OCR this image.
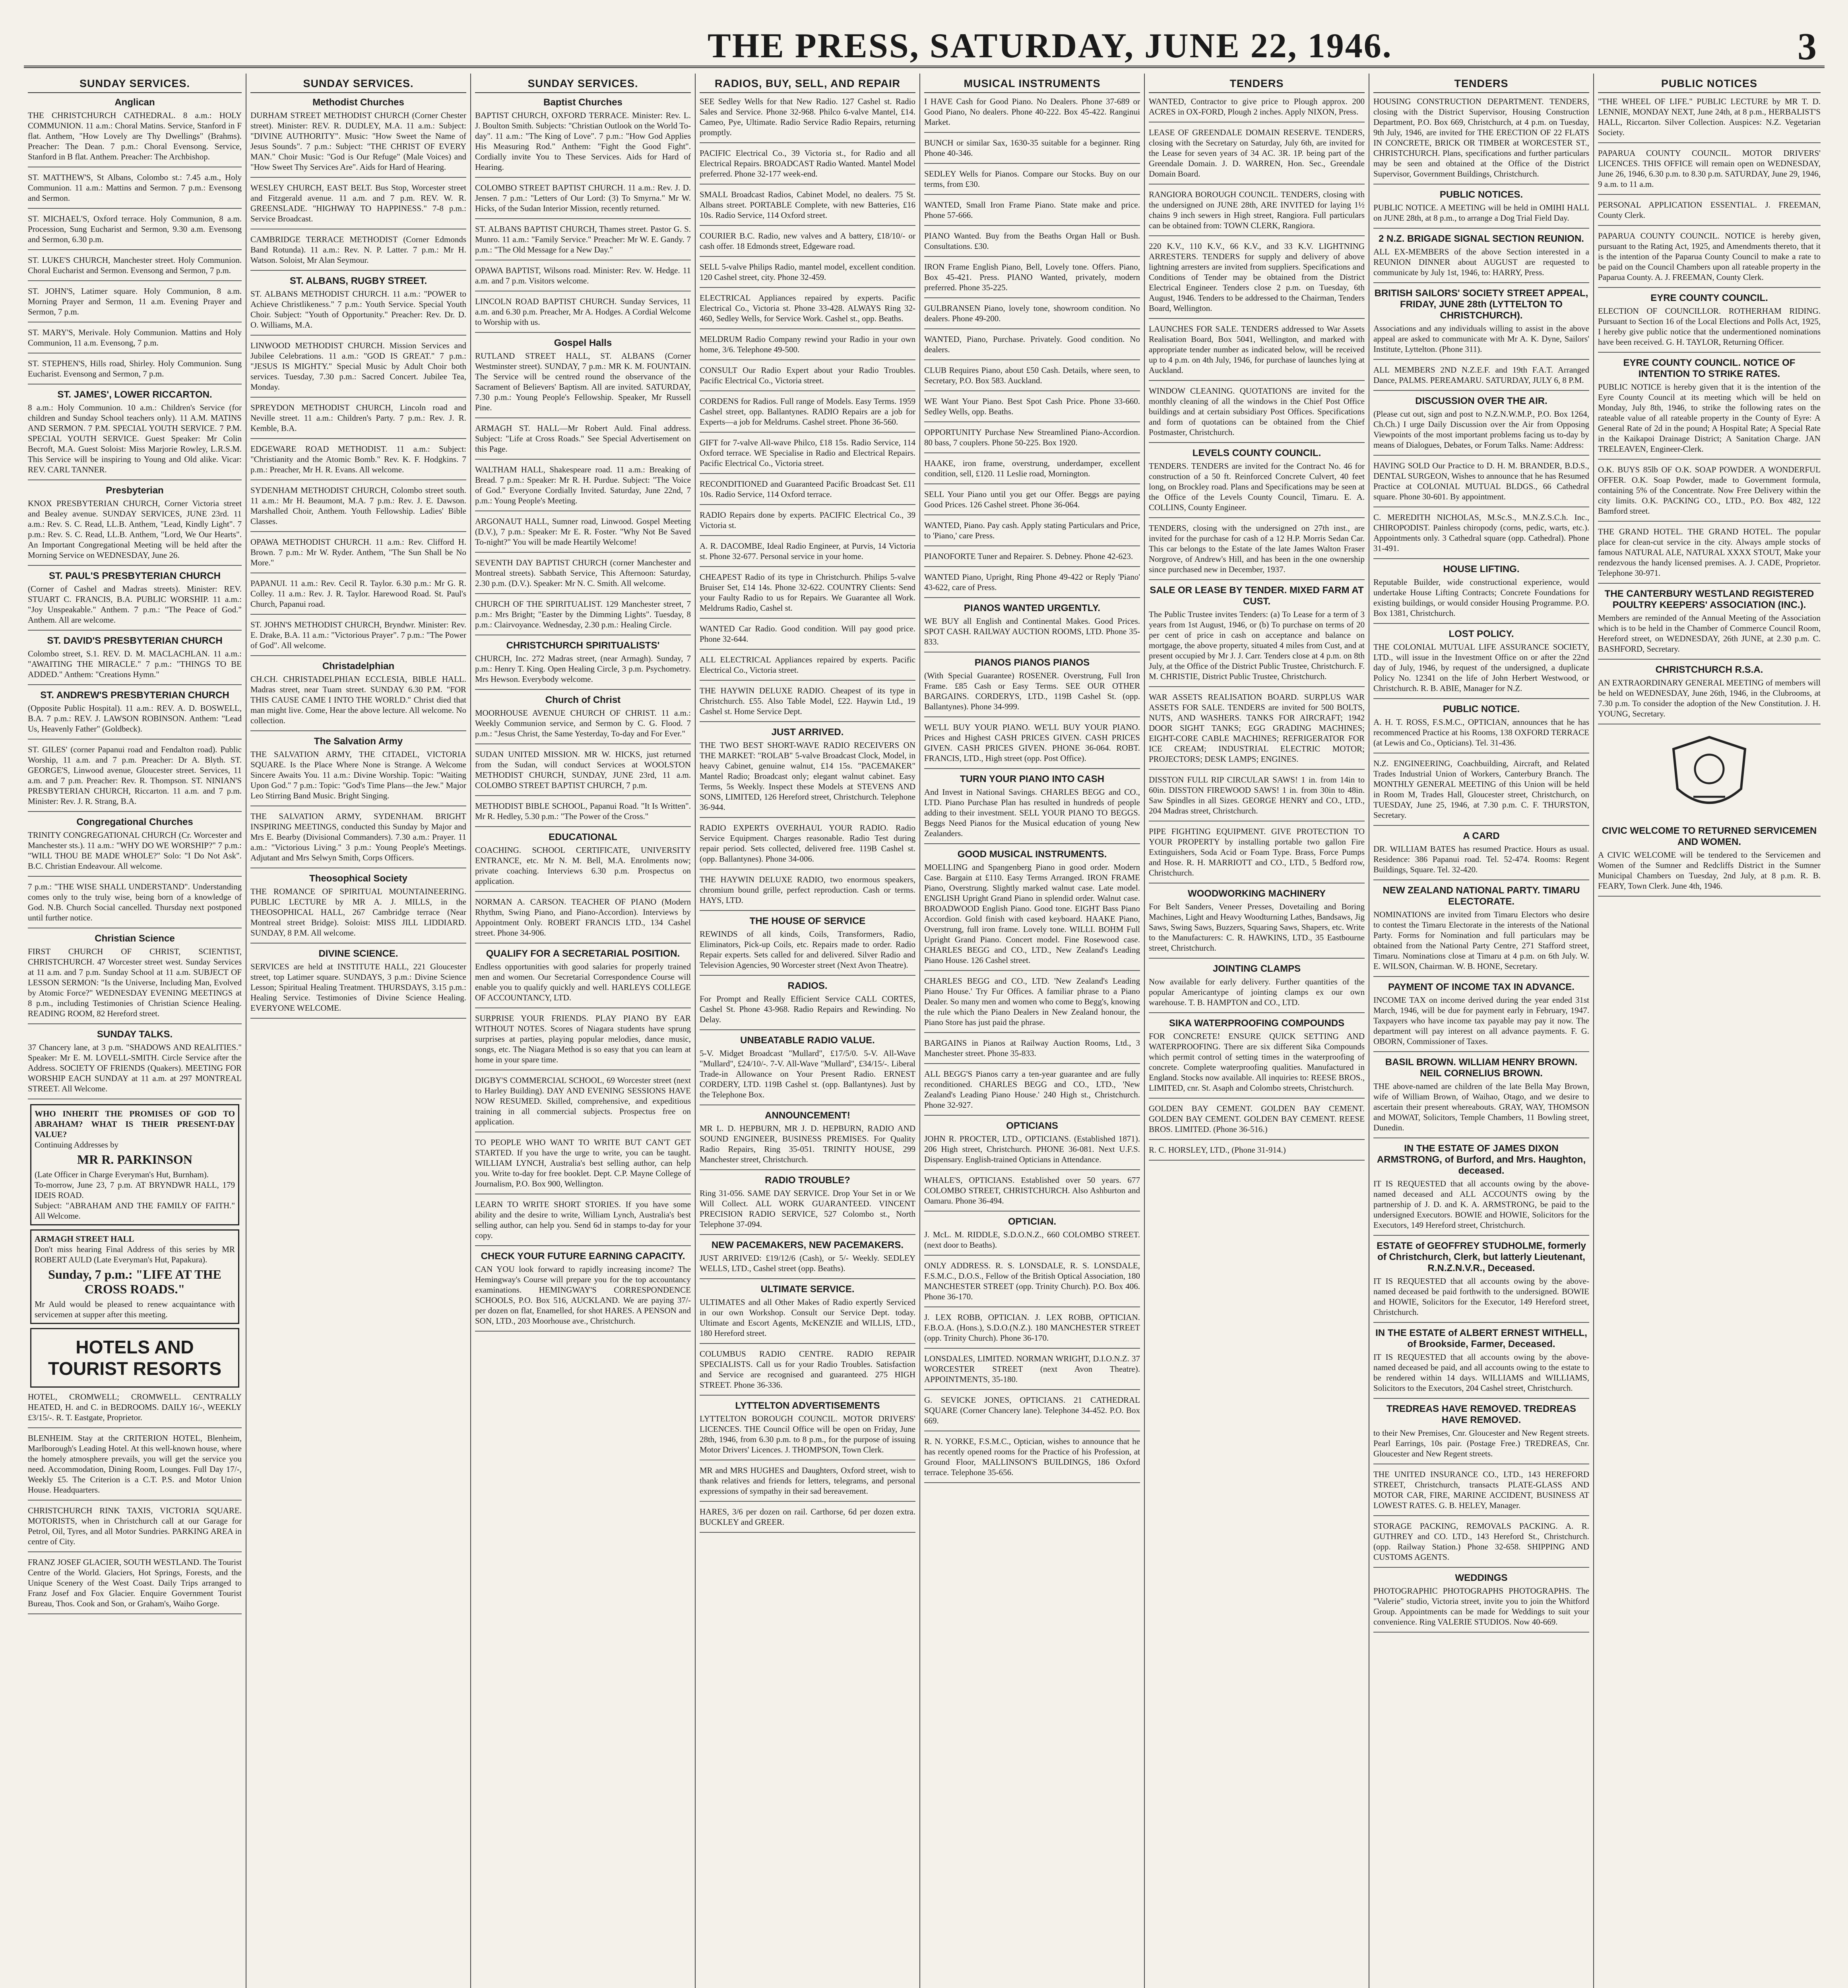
THE PRESS, SATURDAY, JUNE 22, 1946.	3
SUNDAY SERVICES.
Anglican

THE CHRISTCHURCH CATHEDRAL. 8 a.m.: HOLY COMMUNION. 11 a.m.: Choral Matins. Service, Stanford in F flat. Anthem, "How Lovely are Thy Dwellings" (Brahms). Preacher: The Dean. 7 p.m.: Choral Evensong. Service, Stanford in B flat. Anthem. Preacher: The Archbishop.

ST. MATTHEW'S, St Albans, Colombo st.: 7.45 a.m., Holy Communion. 11 a.m.: Mattins and Sermon. 7 p.m.: Evensong and Sermon.

ST. MICHAEL'S, Oxford terrace. Holy Communion, 8 a.m. Procession, Sung Eucharist and Sermon, 9.30 a.m. Evensong and Sermon, 6.30 p.m.

ST. LUKE'S CHURCH, Manchester street. Holy Communion. Choral Eucharist and Sermon. Evensong and Sermon, 7 p.m.

ST. JOHN'S, Latimer square. Holy Communion, 8 a.m. Morning Prayer and Sermon, 11 a.m. Evening Prayer and Sermon, 7 p.m.

ST. MARY'S, Merivale. Holy Communion. Mattins and Holy Communion, 11 a.m. Evensong, 7 p.m.

ST. STEPHEN'S, Hills road, Shirley. Holy Communion. Sung Eucharist. Evensong and Sermon, 7 p.m.

ST. JAMES', LOWER RICCARTON.

8 a.m.: Holy Communion. 10 a.m.: Children's Service (for children and Sunday School teachers only). 11 A.M. MATINS AND SERMON. 7 P.M. SPECIAL YOUTH SERVICE. 7 P.M. SPECIAL YOUTH SERVICE. Guest Speaker: Mr Colin Becroft, M.A. Guest Soloist: Miss Marjorie Rowley, L.R.S.M. This Service will be inspiring to Young and Old alike. Vicar: REV. CARL TANNER.

Presbyterian

KNOX PRESBYTERIAN CHURCH, Corner Victoria street and Bealey avenue. SUNDAY SERVICES, JUNE 23rd. 11 a.m.: Rev. S. C. Read, LL.B. Anthem, "Lead, Kindly Light". 7 p.m.: Rev. S. C. Read, LL.B. Anthem, "Lord, We Our Hearts". An Important Congregational Meeting will be held after the Morning Service on WEDNESDAY, June 26.

ST. PAUL'S PRESBYTERIAN CHURCH

(Corner of Cashel and Madras streets). Minister: REV. STUART C. FRANCIS, B.A. PUBLIC WORSHIP. 11 a.m.: "Joy Unspeakable." Anthem. 7 p.m.: "The Peace of God." Anthem. All are welcome.

ST. DAVID'S PRESBYTERIAN CHURCH

Colombo street, S.1. REV. D. M. MACLACHLAN. 11 a.m.: "AWAITING THE MIRACLE." 7 p.m.: "THINGS TO BE ADDED." Anthem: "Creations Hymn."

ST. ANDREW'S PRESBYTERIAN CHURCH

(Opposite Public Hospital). 11 a.m.: REV. A. D. BOSWELL, B.A. 7 p.m.: REV. J. LAWSON ROBINSON. Anthem: "Lead Us, Heavenly Father" (Goldbeck).

ST. GILES' (corner Papanui road and Fendalton road). Public Worship, 11 a.m. and 7 p.m. Preacher: Dr A. Blyth. ST. GEORGE'S, Linwood avenue, Gloucester street. Services, 11 a.m. and 7 p.m. Preacher: Rev. R. Thompson. ST. NINIAN'S PRESBYTERIAN CHURCH, Riccarton. 11 a.m. and 7 p.m. Minister: Rev. J. R. Strang, B.A.

Congregational Churches

TRINITY CONGREGATIONAL CHURCH (Cr. Worcester and Manchester sts.). 11 a.m.: "WHY DO WE WORSHIP?" 7 p.m.: "WILL THOU BE MADE WHOLE?" Solo: "I Do Not Ask". B.C. Christian Endeavour. All welcome.

7 p.m.: "THE WISE SHALL UNDERSTAND". Understanding comes only to the truly wise, being born of a knowledge of God. N.B. Church Social cancelled. Thursday next postponed until further notice.

Christian Science

FIRST CHURCH OF CHRIST, SCIENTIST, CHRISTCHURCH. 47 Worcester street west. Sunday Services at 11 a.m. and 7 p.m. Sunday School at 11 a.m. SUBJECT OF LESSON SERMON: "Is the Universe, Including Man, Evolved by Atomic Force?" WEDNESDAY EVENING MEETINGS at 8 p.m., including Testimonies of Christian Science Healing. READING ROOM, 82 Hereford street.

SUNDAY TALKS.

37 Chancery lane, at 3 p.m. "SHADOWS AND REALITIES." Speaker: Mr E. M. LOVELL-SMITH. Circle Service after the Address. SOCIETY OF FRIENDS (Quakers). MEETING FOR WORSHIP EACH SUNDAY at 11 a.m. at 297 MONTREAL STREET. All Welcome.

WHO INHERIT THE PROMISES OF GOD TO ABRAHAM? WHAT IS THEIR PRESENT-DAY VALUE?
Continuing Addresses by
MR R. PARKINSON
(Late Officer in Charge Everyman's Hut, Burnham).
To-morrow, June 23, 7 p.m. AT BRYNDWR HALL, 179 IDEIS ROAD.
Subject: "ABRAHAM AND THE FAMILY OF FAITH." All Welcome.
ARMAGH STREET HALL
Don't miss hearing Final Address of this series by MR ROBERT AULD (Late Everyman's Hut, Papakura).
Sunday, 7 p.m.: "LIFE AT THE CROSS ROADS."
Mr Auld would be pleased to renew acquaintance with servicemen at supper after this meeting.
HOTELS AND TOURIST RESORTS

HOTEL, CROMWELL; CROMWELL. CENTRALLY HEATED, H. and C. in BEDROOMS. DAILY 16/-, WEEKLY £3/15/-. R. T. Eastgate, Proprietor.

BLENHEIM. Stay at the CRITERION HOTEL, Blenheim, Marlborough's Leading Hotel. At this well-known house, where the homely atmosphere prevails, you will get the service you need. Accommodation, Dining Room, Lounges. Full Day 17/-, Weekly £5. The Criterion is a C.T. P.S. and Motor Union House. Headquarters.

CHRISTCHURCH RINK TAXIS, VICTORIA SQUARE. MOTORISTS, when in Christchurch call at our Garage for Petrol, Oil, Tyres, and all Motor Sundries. PARKING AREA in centre of City.

FRANZ JOSEF GLACIER, SOUTH WESTLAND. The Tourist Centre of the World. Glaciers, Hot Springs, Forests, and the Unique Scenery of the West Coast. Daily Trips arranged to Franz Josef and Fox Glacier. Enquire Government Tourist Bureau, Thos. Cook and Son, or Graham's, Waiho Gorge.

SUNDAY SERVICES.
Methodist Churches

DURHAM STREET METHODIST CHURCH (Corner Chester street). Minister: REV. R. DUDLEY, M.A. 11 a.m.: Subject: "DIVINE AUTHORITY". Music: "How Sweet the Name of Jesus Sounds". 7 p.m.: Subject: "THE CHRIST OF EVERY MAN." Choir Music: "God is Our Refuge" (Male Voices) and "How Sweet Thy Services Are". Aids for Hard of Hearing.

WESLEY CHURCH, EAST BELT. Bus Stop, Worcester street and Fitzgerald avenue. 11 a.m. and 7 p.m. REV. W. R. GREENSLADE. "HIGHWAY TO HAPPINESS." 7-8 p.m.: Service Broadcast.

CAMBRIDGE TERRACE METHODIST (Corner Edmonds Band Rotunda). 11 a.m.: Rev. N. P. Latter. 7 p.m.: Mr H. Watson. Soloist, Mr Alan Seymour.

ST. ALBANS, RUGBY STREET.

ST. ALBANS METHODIST CHURCH. 11 a.m.: "POWER to Achieve Christlikeness." 7 p.m.: Youth Service. Special Youth Choir. Subject: "Youth of Opportunity." Preacher: Rev. Dr. D. O. Williams, M.A.

LINWOOD METHODIST CHURCH. Mission Services and Jubilee Celebrations. 11 a.m.: "GOD IS GREAT." 7 p.m.: "JESUS IS MIGHTY." Special Music by Adult Choir both services. Tuesday, 7.30 p.m.: Sacred Concert. Jubilee Tea, Monday.

SPREYDON METHODIST CHURCH, Lincoln road and Neville street. 11 a.m.: Children's Party. 7 p.m.: Rev. J. R. Kemble, B.A.

EDGEWARE ROAD METHODIST. 11 a.m.: Subject: "Christianity and the Atomic Bomb." Rev. K. F. Hodgkins. 7 p.m.: Preacher, Mr H. R. Evans. All welcome.

SYDENHAM METHODIST CHURCH, Colombo street south. 11 a.m.: Mr H. Beaumont, M.A. 7 p.m.: Rev. J. E. Dawson. Marshalled Choir, Anthem. Youth Fellowship. Ladies' Bible Classes.

OPAWA METHODIST CHURCH. 11 a.m.: Rev. Clifford H. Brown. 7 p.m.: Mr W. Ryder. Anthem, "The Sun Shall be No More."

PAPANUI. 11 a.m.: Rev. Cecil R. Taylor. 6.30 p.m.: Mr G. R. Colley. 11 a.m.: Rev. J. R. Taylor. Harewood Road. St. Paul's Church, Papanui road.

ST. JOHN'S METHODIST CHURCH, Bryndwr. Minister: Rev. E. Drake, B.A. 11 a.m.: "Victorious Prayer". 7 p.m.: "The Power of God". All welcome.

Christadelphian

CH.CH. CHRISTADELPHIAN ECCLESIA, BIBLE HALL. Madras street, near Tuam street. SUNDAY 6.30 P.M. "FOR THIS CAUSE CAME I INTO THE WORLD." Christ died that man might live. Come, Hear the above lecture. All welcome. No collection.

The Salvation Army

THE SALVATION ARMY, THE CITADEL, VICTORIA SQUARE. Is the Place Where None is Strange. A Welcome Sincere Awaits You. 11 a.m.: Divine Worship. Topic: "Waiting Upon God." 7 p.m.: Topic: "God's Time Plans—the Jew." Major Leo Stirring Band Music. Bright Singing.

THE SALVATION ARMY, SYDENHAM. BRIGHT INSPIRING MEETINGS, conducted this Sunday by Major and Mrs E. Bearby (Divisional Commanders). 7.30 a.m.: Prayer. 11 a.m.: "Victorious Living." 3 p.m.: Young People's Meetings. Adjutant and Mrs Selwyn Smith, Corps Officers.

Theosophical Society

THE ROMANCE OF SPIRITUAL MOUNTAINEERING. PUBLIC LECTURE by MR A. J. MILLS, in the THEOSOPHICAL HALL, 267 Cambridge terrace (Near Montreal street Bridge). Soloist: MISS JILL LIDDIARD. SUNDAY, 8 P.M. All welcome.

DIVINE SCIENCE.

SERVICES are held at INSTITUTE HALL, 221 Gloucester street, top Latimer square. SUNDAYS, 3 p.m.: Divine Science Lesson; Spiritual Healing Treatment. THURSDAYS, 3.15 p.m.: Healing Service. Testimonies of Divine Science Healing. EVERYONE WELCOME.

SUNDAY SERVICES.
Baptist Churches

BAPTIST CHURCH, OXFORD TERRACE. Minister: Rev. L. J. Boulton Smith. Subjects: "Christian Outlook on the World To-day". 11 a.m.: "The King of Love". 7 p.m.: "How God Applies His Measuring Rod." Anthem: "Fight the Good Fight". Cordially invite You to These Services. Aids for Hard of Hearing.

COLOMBO STREET BAPTIST CHURCH. 11 a.m.: Rev. J. D. Jensen. 7 p.m.: "Letters of Our Lord: (3) To Smyrna." Mr W. Hicks, of the Sudan Interior Mission, recently returned.

ST. ALBANS BAPTIST CHURCH, Thames street. Pastor G. S. Munro. 11 a.m.: "Family Service." Preacher: Mr W. E. Gandy. 7 p.m.: "The Old Message for a New Day."

OPAWA BAPTIST, Wilsons road. Minister: Rev. W. Hedge. 11 a.m. and 7 p.m. Visitors welcome.

LINCOLN ROAD BAPTIST CHURCH. Sunday Services, 11 a.m. and 6.30 p.m. Preacher, Mr A. Hodges. A Cordial Welcome to Worship with us.

Gospel Halls

RUTLAND STREET HALL, ST. ALBANS (Corner Westminster street). SUNDAY, 7 p.m.: MR K. M. FOUNTAIN. The Service will be centred round the observance of the Sacrament of Believers' Baptism. All are invited. SATURDAY, 7.30 p.m.: Young People's Fellowship. Speaker, Mr Russell Pine.

ARMAGH ST. HALL—Mr Robert Auld. Final address. Subject: "Life at Cross Roads." See Special Advertisement on this Page.

WALTHAM HALL, Shakespeare road. 11 a.m.: Breaking of Bread. 7 p.m.: Speaker: Mr R. H. Purdue. Subject: "The Voice of God." Everyone Cordially Invited. Saturday, June 22nd, 7 p.m.: Young People's Meeting.

ARGONAUT HALL, Sumner road, Linwood. Gospel Meeting (D.V.), 7 p.m.: Speaker: Mr E. R. Foster. "Why Not Be Saved To-night?" You will be made Heartily Welcome!

SEVENTH DAY BAPTIST CHURCH (corner Manchester and Montreal streets). Sabbath Service, This Afternoon: Saturday, 2.30 p.m. (D.V.). Speaker: Mr N. C. Smith. All welcome.

CHURCH OF THE SPIRITUALIST. 129 Manchester street, 7 p.m.: Mrs Bright; "Easter by the Dimming Lights". Tuesday, 8 p.m.: Clairvoyance. Wednesday, 2.30 p.m.: Healing Circle.

CHRISTCHURCH SPIRITUALISTS'

CHURCH, Inc. 272 Madras street, (near Armagh). Sunday, 7 p.m.: Henry T. King. Open Healing Circle, 3 p.m. Psychometry. Mrs Hewson. Everybody welcome.

Church of Christ

MOORHOUSE AVENUE CHURCH OF CHRIST. 11 a.m.: Weekly Communion service, and Sermon by C. G. Flood. 7 p.m.: "Jesus Christ, the Same Yesterday, To-day and For Ever."

SUDAN UNITED MISSION. MR W. HICKS, just returned from the Sudan, will conduct Services at WOOLSTON METHODIST CHURCH, SUNDAY, JUNE 23rd, 11 a.m. COLOMBO STREET BAPTIST CHURCH, 7 p.m.

METHODIST BIBLE SCHOOL, Papanui Road. "It Is Written". Mr R. Hedley, 5.30 p.m.: "The Power of the Cross."

EDUCATIONAL

COACHING. SCHOOL CERTIFICATE, UNIVERSITY ENTRANCE, etc. Mr N. M. Bell, M.A. Enrolments now; private coaching. Interviews 6.30 p.m. Prospectus on application.

NORMAN A. CARSON. TEACHER OF PIANO (Modern Rhythm, Swing Piano, and Piano-Accordion). Interviews by Appointment Only. ROBERT FRANCIS LTD., 134 Cashel street. Phone 34-906.

QUALIFY FOR A SECRETARIAL POSITION.

Endless opportunities with good salaries for properly trained men and women. Our Secretarial Correspondence Course will enable you to qualify quickly and well. HARLEYS COLLEGE OF ACCOUNTANCY, LTD.

SURPRISE YOUR FRIENDS. PLAY PIANO BY EAR WITHOUT NOTES. Scores of Niagara students have sprung surprises at parties, playing popular melodies, dance music, songs, etc. The Niagara Method is so easy that you can learn at home in your spare time.

DIGBY'S COMMERCIAL SCHOOL, 69 Worcester street (next to Harley Building). DAY AND EVENING SESSIONS HAVE NOW RESUMED. Skilled, comprehensive, and expeditious training in all commercial subjects. Prospectus free on application.

TO PEOPLE WHO WANT TO WRITE BUT CAN'T GET STARTED. If you have the urge to write, you can be taught. WILLIAM LYNCH, Australia's best selling author, can help you. Write to-day for free booklet. Dept. C.P. Mayne College of Journalism, P.O. Box 900, Wellington.

LEARN TO WRITE SHORT STORIES. If you have some ability and the desire to write, William Lynch, Australia's best selling author, can help you. Send 6d in stamps to-day for your copy.

CHECK YOUR FUTURE EARNING CAPACITY.

CAN YOU look forward to rapidly increasing income? The Hemingway's Course will prepare you for the top accountancy examinations. HEMINGWAY'S CORRESPONDENCE SCHOOLS, P.O. Box 516, AUCKLAND. We are paying 37/- per dozen on flat, Enamelled, for shot HARES. A PENSON and SON, LTD., 203 Moorhouse ave., Christchurch.

RADIOS, BUY, SELL, AND REPAIR

SEE Sedley Wells for that New Radio. 127 Cashel st. Radio Sales and Service. Phone 32-968. Philco 6-valve Mantel, £14. Cameo, Pye, Ultimate. Radio Service Radio Repairs, returning promptly.

PACIFIC Electrical Co., 39 Victoria st., for Radio and all Electrical Repairs. BROADCAST Radio Wanted. Mantel Model preferred. Phone 32-177 week-end.

SMALL Broadcast Radios, Cabinet Model, no dealers. 75 St. Albans street. PORTABLE Complete, with new Batteries, £16 10s. Radio Service, 114 Oxford street.

COURIER B.C. Radio, new valves and A battery, £18/10/- or cash offer. 18 Edmonds street, Edgeware road.

SELL 5-valve Philips Radio, mantel model, excellent condition. 120 Cashel street, city. Phone 32-459.

ELECTRICAL Appliances repaired by experts. Pacific Electrical Co., Victoria st. Phone 33-428. ALWAYS Ring 32-460, Sedley Wells, for Service Work. Cashel st., opp. Beaths.

MELDRUM Radio Company rewind your Radio in your own home, 3/6. Telephone 49-500.

CONSULT Our Radio Expert about your Radio Troubles. Pacific Electrical Co., Victoria street.

CORDENS for Radios. Full range of Models. Easy Terms. 1959 Cashel street, opp. Ballantynes. RADIO Repairs are a job for Experts—a job for Meldrums. Cashel street. Phone 36-560.

GIFT for 7-valve All-wave Philco, £18 15s. Radio Service, 114 Oxford terrace. WE Specialise in Radio and Electrical Repairs. Pacific Electrical Co., Victoria street.

RECONDITIONED and Guaranteed Pacific Broadcast Set. £11 10s. Radio Service, 114 Oxford terrace.

RADIO Repairs done by experts. PACIFIC Electrical Co., 39 Victoria st.

A. R. DACOMBE, Ideal Radio Engineer, at Purvis, 14 Victoria st. Phone 32-677. Personal service in your home.

CHEAPEST Radio of its type in Christchurch. Philips 5-valve Bruiser Set, £14 14s. Phone 32-622. COUNTRY Clients: Send your Faulty Radio to us for Repairs. We Guarantee all Work. Meldrums Radio, Cashel st.

WANTED Car Radio. Good condition. Will pay good price. Phone 32-644.

ALL ELECTRICAL Appliances repaired by experts. Pacific Electrical Co., Victoria street.

THE HAYWIN DELUXE RADIO. Cheapest of its type in Christchurch. £55. Also Table Model, £22. Haywin Ltd., 19 Cashel st. Home Service Dept.

JUST ARRIVED.

THE TWO BEST SHORT-WAVE RADIO RECEIVERS ON THE MARKET: "ROLAB" 5-valve Broadcast Clock, Model, in heavy Cabinet, genuine walnut, £14 15s. "PACEMAKER" Mantel Radio; Broadcast only; elegant walnut cabinet. Easy Terms, 5s Weekly. Inspect these Models at STEVENS AND SONS, LIMITED, 126 Hereford street, Christchurch. Telephone 36-944.

RADIO EXPERTS OVERHAUL YOUR RADIO. Radio Service Equipment. Charges reasonable. Radio Test during repair period. Sets collected, delivered free. 119B Cashel st. (opp. Ballantynes). Phone 34-006.

THE HAYWIN DELUXE RADIO, two enormous speakers, chromium bound grille, perfect reproduction. Cash or terms. HAYS, LTD.

THE HOUSE OF SERVICE

REWINDS of all kinds, Coils, Transformers, Radio, Eliminators, Pick-up Coils, etc. Repairs made to order. Radio Repair experts. Sets called for and delivered. Silver Radio and Television Agencies, 90 Worcester street (Next Avon Theatre).

RADIOS.

For Prompt and Really Efficient Service CALL CORTES, Cashel St. Phone 43-968. Radio Repairs and Rewinding. No Delay.

UNBEATABLE RADIO VALUE.

5-V. Midget Broadcast "Mullard", £17/5/0. 5-V. All-Wave "Mullard", £24/10/-. 7-V. All-Wave "Mullard", £34/15/-. Liberal Trade-in Allowance on Your Present Radio. ERNEST CORDERY, LTD. 119B Cashel st. (opp. Ballantynes). Just by the Telephone Box.

ANNOUNCEMENT!

MR L. D. HEPBURN, MR J. D. HEPBURN, RADIO AND SOUND ENGINEER, BUSINESS PREMISES. For Quality Radio Repairs, Ring 35-051. TRINITY HOUSE, 299 Manchester street, Christchurch.

RADIO TROUBLE?

Ring 31-056. SAME DAY SERVICE. Drop Your Set in or We Will Collect. ALL WORK GUARANTEED. VINCENT PRECISION RADIO SERVICE, 527 Colombo st., North Telephone 37-094.

NEW PACEMAKERS, NEW PACEMAKERS.

JUST ARRIVED: £19/12/6 (Cash), or 5/- Weekly. SEDLEY WELLS, LTD., Cashel street (opp. Beaths).

ULTIMATE SERVICE.

ULTIMATES and all Other Makes of Radio expertly Serviced in our own Workshop. Consult our Service Dept. today. Ultimate and Escort Agents, McKENZIE and WILLIS, LTD., 180 Hereford street.

COLUMBUS RADIO CENTRE. RADIO REPAIR SPECIALISTS. Call us for your Radio Troubles. Satisfaction and Service are recognised and guaranteed. 275 HIGH STREET. Phone 36-336.

LYTTELTON ADVERTISEMENTS

LYTTELTON BOROUGH COUNCIL. MOTOR DRIVERS' LICENCES. THE Council Office will be open on Friday, June 28th, 1946, from 6.30 p.m. to 8 p.m., for the purpose of issuing Motor Drivers' Licences. J. THOMPSON, Town Clerk.

MR and MRS HUGHES and Daughters, Oxford street, wish to thank relatives and friends for letters, telegrams, and personal expressions of sympathy in their sad bereavement.

HARES, 3/6 per dozen on rail. Carthorse, 6d per dozen extra. BUCKLEY and GREER.

MUSICAL INSTRUMENTS

I HAVE Cash for Good Piano. No Dealers. Phone 37-689 or Good Piano, No dealers. Phone 40-222. Box 45-422. Ranginui Market.

BUNCH or similar Sax, 1630-35 suitable for a beginner. Ring Phone 40-346.

SEDLEY Wells for Pianos. Compare our Stocks. Buy on our terms, from £30.

WANTED, Small Iron Frame Piano. State make and price. Phone 57-666.

PIANO Wanted. Buy from the Beaths Organ Hall or Bush. Consultations. £30.

IRON Frame English Piano, Bell, Lovely tone. Offers. Piano, Box 45-421. Press. PIANO Wanted, privately, modern preferred. Phone 35-225.

GULBRANSEN Piano, lovely tone, showroom condition. No dealers. Phone 49-200.

WANTED, Piano, Purchase. Privately. Good condition. No dealers.

CLUB Requires Piano, about £50 Cash. Details, where seen, to Secretary, P.O. Box 583. Auckland.

WE Want Your Piano. Best Spot Cash Price. Phone 33-660. Sedley Wells, opp. Beaths.

OPPORTUNITY Purchase New Streamlined Piano-Accordion. 80 bass, 7 couplers. Phone 50-225. Box 1920.

HAAKE, iron frame, overstrung, underdamper, excellent condition, sell, £120. 11 Leslie road, Mornington.

SELL Your Piano until you get our Offer. Beggs are paying Good Prices. 126 Cashel street. Phone 36-064.

WANTED, Piano. Pay cash. Apply stating Particulars and Price, to 'Piano,' care Press.

PIANOFORTE Tuner and Repairer. S. Debney. Phone 42-623.

WANTED Piano, Upright, Ring Phone 49-422 or Reply 'Piano' 43-622, care of Press.

PIANOS WANTED URGENTLY.

WE BUY all English and Continental Makes. Good Prices. SPOT CASH. RAILWAY AUCTION ROOMS, LTD. Phone 35-833.

PIANOS PIANOS PIANOS

(With Special Guarantee) ROSENER. Overstrung, Full Iron Frame. £85 Cash or Easy Terms. SEE OUR OTHER BARGAINS. CORDERYS, LTD., 119B Cashel St. (opp. Ballantynes). Phone 34-999.

WE'LL BUY YOUR PIANO. WE'LL BUY YOUR PIANO. Prices and Highest CASH PRICES GIVEN. CASH PRICES GIVEN. CASH PRICES GIVEN. PHONE 36-064. ROBT. FRANCIS, LTD., High street (opp. Post Office).

TURN YOUR PIANO INTO CASH

And Invest in National Savings. CHARLES BEGG and CO., LTD. Piano Purchase Plan has resulted in hundreds of people adding to their investment. SELL YOUR PIANO TO BEGGS. Beggs Need Pianos for the Musical education of young New Zealanders.

GOOD MUSICAL INSTRUMENTS.

MOELLING and Spangenberg Piano in good order. Modern Case. Bargain at £110. Easy Terms Arranged. IRON FRAME Piano, Overstrung. Slightly marked walnut case. Late model. ENGLISH Upright Grand Piano in splendid order. Walnut case. BROADWOOD English Piano. Good tone. EIGHT Bass Piano Accordion. Gold finish with cased keyboard. HAAKE Piano, Overstrung, full iron frame. Lovely tone. WILLI. BOHM Full Upright Grand Piano. Concert model. Fine Rosewood case. CHARLES BEGG and CO., LTD., New Zealand's Leading Piano House. 126 Cashel street.

CHARLES BEGG and CO., LTD. 'New Zealand's Leading Piano House.' Try Fur Offices. A familiar phrase to a Piano Dealer. So many men and women who come to Begg's, knowing the rule which the Piano Dealers in New Zealand honour, the Piano Store has just paid the phrase.

BARGAINS in Pianos at Railway Auction Rooms, Ltd., 3 Manchester street. Phone 35-833.

ALL BEGG'S Pianos carry a ten-year guarantee and are fully reconditioned. CHARLES BEGG and CO., LTD., 'New Zealand's Leading Piano House.' 240 High st., Christchurch. Phone 32-927.

OPTICIANS

JOHN R. PROCTER, LTD., OPTICIANS. (Established 1871). 206 High street, Christchurch. PHONE 36-081. Next U.F.S. Dispensary. English-trained Opticians in Attendance.

WHALE'S, OPTICIANS. Established over 50 years. 677 COLOMBO STREET, CHRISTCHURCH. Also Ashburton and Oamaru. Phone 36-494.

OPTICIAN.

J. McL. M. RIDDLE, S.D.O.N.Z., 660 COLOMBO STREET. (next door to Beaths).

ONLY ADDRESS. R. S. LONSDALE, R. S. LONSDALE, F.S.M.C., D.O.S., Fellow of the British Optical Association, 180 MANCHESTER STREET (opp. Trinity Church). P.O. Box 406. Phone 36-170.

J. LEX ROBB, OPTICIAN. J. LEX ROBB, OPTICIAN. F.B.O.A. (Hons.), S.D.O.(N.Z.). 180 MANCHESTER STREET (opp. Trinity Church). Phone 36-170.

LONSDALES, LIMITED. NORMAN WRIGHT, D.I.O.N.Z. 37 WORCESTER STREET (next Avon Theatre). APPOINTMENTS, 35-180.

G. SEVICKE JONES, OPTICIANS. 21 CATHEDRAL SQUARE (Corner Chancery lane). Telephone 34-452. P.O. Box 669.

R. N. YORKE, F.S.M.C., Optician, wishes to announce that he has recently opened rooms for the Practice of his Profession, at Ground Floor, MALLINSON'S BUILDINGS, 186 Oxford terrace. Telephone 35-656.

TENDERS

WANTED, Contractor to give price to Plough approx. 200 ACRES in OX-FORD, Plough 2 inches. Apply NIXON, Press.

LEASE OF GREENDALE DOMAIN RESERVE. TENDERS, closing with the Secretary on Saturday, July 6th, are invited for the Lease for seven years of 34 AC. 3R. 1P. being part of the Greendale Domain. J. D. WARREN, Hon. Sec., Greendale Domain Board.

RANGIORA BOROUGH COUNCIL. TENDERS, closing with the undersigned on JUNE 28th, ARE INVITED for laying 1½ chains 9 inch sewers in High street, Rangiora. Full particulars can be obtained from: TOWN CLERK, Rangiora.

220 K.V., 110 K.V., 66 K.V., and 33 K.V. LIGHTNING ARRESTERS. TENDERS for supply and delivery of above lightning arresters are invited from suppliers. Specifications and Conditions of Tender may be obtained from the District Electrical Engineer. Tenders close 2 p.m. on Tuesday, 6th August, 1946. Tenders to be addressed to the Chairman, Tenders Board, Wellington.

LAUNCHES FOR SALE. TENDERS addressed to War Assets Realisation Board, Box 5041, Wellington, and marked with appropriate tender number as indicated below, will be received up to 4 p.m. on 4th July, 1946, for purchase of launches lying at Auckland.

WINDOW CLEANING. QUOTATIONS are invited for the monthly cleaning of all the windows in the Chief Post Office buildings and at certain subsidiary Post Offices. Specifications and form of quotations can be obtained from the Chief Postmaster, Christchurch.

LEVELS COUNTY COUNCIL.

TENDERS. TENDERS are invited for the Contract No. 46 for construction of a 50 ft. Reinforced Concrete Culvert, 40 feet long, on Brockley road. Plans and Specifications may be seen at the Office of the Levels County Council, Timaru. E. A. COLLINS, County Engineer.

TENDERS, closing with the undersigned on 27th inst., are invited for the purchase for cash of a 12 H.P. Morris Sedan Car. This car belongs to the Estate of the late James Walton Fraser Norgrove, of Andrew's Hill, and has been in the one ownership since purchased new in December, 1937.

SALE OR LEASE BY TENDER. MIXED FARM AT CUST.

The Public Trustee invites Tenders: (a) To Lease for a term of 3 years from 1st August, 1946, or (b) To purchase on terms of 20 per cent of price in cash on acceptance and balance on mortgage, the above property, situated 4 miles from Cust, and at present occupied by Mr J. J. Carr. Tenders close at 4 p.m. on 8th July, at the Office of the District Public Trustee, Christchurch. F. M. CHRISTIE, District Public Trustee, Christchurch.

WAR ASSETS REALISATION BOARD. SURPLUS WAR ASSETS FOR SALE. TENDERS are invited for 500 BOLTS, NUTS, AND WASHERS. TANKS FOR AIRCRAFT; 1942 DOOR SIGHT TANKS; EGG GRADING MACHINES; EIGHT-CORE CABLE MACHINES; REFRIGERATOR FOR ICE CREAM; INDUSTRIAL ELECTRIC MOTOR; PROJECTORS; DESK LAMPS; ENGINES.

DISSTON FULL RIP CIRCULAR SAWS! 1 in. from 14in to 60in. DISSTON FIREWOOD SAWS! 1 in. from 30in to 48in. Saw Spindles in all Sizes. GEORGE HENRY and CO., LTD., 204 Madras street, Christchurch.

PIPE FIGHTING EQUIPMENT. GIVE PROTECTION TO YOUR PROPERTY by installing portable two gallon Fire Extinguishers, Soda Acid or Foam Type. Brass, Force Pumps and Hose. R. H. MARRIOTT and CO., LTD., 5 Bedford row, Christchurch.

WOODWORKING MACHINERY

For Belt Sanders, Veneer Presses, Dovetailing and Boring Machines, Light and Heavy Woodturning Lathes, Bandsaws, Jig Saws, Swing Saws, Buzzers, Squaring Saws, Shapers, etc. Write to the Manufacturers: C. R. HAWKINS, LTD., 35 Eastbourne street, Christchurch.

JOINTING CLAMPS

Now available for early delivery. Further quantities of the popular Americantype of jointing clamps ex our own warehouse. T. B. HAMPTON and CO., LTD.

SIKA WATERPROOFING COMPOUNDS

FOR CONCRETE! ENSURE QUICK SETTING AND WATERPROOFING. There are six different Sika Compounds which permit control of setting times in the waterproofing of concrete. Complete waterproofing qualities. Manufactured in England. Stocks now available. All inquiries to: REESE BROS., LIMITED, cnr. St. Asaph and Colombo streets, Christchurch.

GOLDEN BAY CEMENT. GOLDEN BAY CEMENT. GOLDEN BAY CEMENT. GOLDEN BAY CEMENT. REESE BROS. LIMITED. (Phone 36-516.)

R. C. HORSLEY, LTD., (Phone 31-914.)

TENDERS

HOUSING CONSTRUCTION DEPARTMENT. TENDERS, closing with the District Supervisor, Housing Construction Department, P.O. Box 669, Christchurch, at 4 p.m. on Tuesday, 9th July, 1946, are invited for THE ERECTION OF 22 FLATS IN CONCRETE, BRICK OR TIMBER at WORCESTER ST., CHRISTCHURCH. Plans, specifications and further particulars may be seen and obtained at the Office of the District Supervisor, Government Buildings, Christchurch.

PUBLIC NOTICES.

PUBLIC NOTICE. A MEETING will be held in OMIHI HALL on JUNE 28th, at 8 p.m., to arrange a Dog Trial Field Day.

2 N.Z. BRIGADE SIGNAL SECTION REUNION.

ALL EX-MEMBERS of the above Section interested in a REUNION DINNER about AUGUST are requested to communicate by July 1st, 1946, to: HARRY, Press.

BRITISH SAILORS' SOCIETY STREET APPEAL, FRIDAY, JUNE 28th (LYTTELTON TO CHRISTCHURCH).

Associations and any individuals willing to assist in the above appeal are asked to communicate with Mr A. K. Dyne, Sailors' Institute, Lyttelton. (Phone 311).

ALL MEMBERS 2ND N.Z.E.F. and 19th F.A.T. Arranged Dance, PALMS. PEREAMARU. SATURDAY, JULY 6, 8 P.M.

DISCUSSION OVER THE AIR.

(Please cut out, sign and post to N.Z.N.W.M.P., P.O. Box 1264, Ch.Ch.) I urge Daily Discussion over the Air from Opposing Viewpoints of the most important problems facing us to-day by means of Dialogues, Debates, or Forum Talks. Name: Address:

HAVING SOLD Our Practice to D. H. M. BRANDER, B.D.S., DENTAL SURGEON, Wishes to announce that he has Resumed Practice at COLONIAL MUTUAL BLDGS., 66 Cathedral square. Phone 30-601. By appointment.

C. MEREDITH NICHOLAS, M.Sc.S., M.N.Z.S.C.h. Inc., CHIROPODIST. Painless chiropody (corns, pedic, warts, etc.). Appointments only. 3 Cathedral square (opp. Cathedral). Phone 31-491.

HOUSE LIFTING.

Reputable Builder, wide constructional experience, would undertake House Lifting Contracts; Concrete Foundations for existing buildings, or would consider Housing Programme. P.O. Box 1381, Christchurch.

LOST POLICY.

THE COLONIAL MUTUAL LIFE ASSURANCE SOCIETY, LTD., will issue in the Investment Office on or after the 22nd day of July, 1946, by request of the undersigned, a duplicate Policy No. 12341 on the life of John Herbert Westwood, or Christchurch. R. B. ABIE, Manager for N.Z.

PUBLIC NOTICE.

A. H. T. ROSS, F.S.M.C., OPTICIAN, announces that he has recommenced Practice at his Rooms, 138 OXFORD TERRACE (at Lewis and Co., Opticians). Tel. 31-436.

N.Z. ENGINEERING, Coachbuilding, Aircraft, and Related Trades Industrial Union of Workers, Canterbury Branch. The MONTHLY GENERAL MEETING of this Union will be held in Room M, Trades Hall, Gloucester street, Christchurch, on TUESDAY, June 25, 1946, at 7.30 p.m. C. F. THURSTON, Secretary.

A CARD

DR. WILLIAM BATES has resumed Practice. Hours as usual. Residence: 386 Papanui road. Tel. 52-474. Rooms: Regent Buildings, Square. Tel. 32-420.

NEW ZEALAND NATIONAL PARTY. TIMARU ELECTORATE.

NOMINATIONS are invited from Timaru Electors who desire to contest the Timaru Electorate in the interests of the National Party. Forms for Nomination and full particulars may be obtained from the National Party Centre, 271 Stafford street, Timaru. Nominations close at Timaru at 4 p.m. on 6th July. W. E. WILSON, Chairman. W. B. HONE, Secretary.

PAYMENT OF INCOME TAX IN ADVANCE.

INCOME TAX on income derived during the year ended 31st March, 1946, will be due for payment early in February, 1947. Taxpayers who have income tax payable may pay it now. The department will pay interest on all advance payments. F. G. OBORN, Commissioner of Taxes.

BASIL BROWN. WILLIAM HENRY BROWN. NEIL CORNELIUS BROWN.

THE above-named are children of the late Bella May Brown, wife of William Brown, of Waihao, Otago, and we desire to ascertain their present whereabouts. GRAY, WAY, THOMSON and MOWAT, Solicitors, Temple Chambers, 11 Bowling street, Dunedin.

IN THE ESTATE OF JAMES DIXON ARMSTRONG, of Burford, and Mrs. Haughton, deceased.

IT IS REQUESTED that all accounts owing by the above-named deceased and ALL ACCOUNTS owing by the partnership of J. D. and K. A. ARMSTRONG, be paid to the undersigned Executors. BOWIE and HOWIE, Solicitors for the Executors, 149 Hereford street, Christchurch.

ESTATE of GEOFFREY STUDHOLME, formerly of Christchurch, Clerk, but latterly Lieutenant, R.N.Z.N.V.R., Deceased.

IT IS REQUESTED that all accounts owing by the above-named deceased be paid forthwith to the undersigned. BOWIE and HOWIE, Solicitors for the Executor, 149 Hereford street, Christchurch.

IN THE ESTATE of ALBERT ERNEST WITHELL, of Brookside, Farmer, Deceased.

IT IS REQUESTED that all accounts owing by the above-named deceased be paid, and all accounts owing to the estate to be rendered within 14 days. WILLIAMS and WILLIAMS, Solicitors to the Executors, 204 Cashel street, Christchurch.

TREDREAS HAVE REMOVED. TREDREAS HAVE REMOVED.

to their New Premises, Cnr. Gloucester and New Regent streets. Pearl Earrings, 10s pair. (Postage Free.) TREDREAS, Cnr. Gloucester and New Regent streets.

THE UNITED INSURANCE CO., LTD., 143 HEREFORD STREET, Christchurch, transacts PLATE-GLASS AND MOTOR CAR, FIRE, MARINE ACCIDENT, BUSINESS AT LOWEST RATES. G. B. HELEY, Manager.

STORAGE PACKING, REMOVALS PACKING. A. R. GUTHREY and CO. LTD., 143 Hereford St., Christchurch. (opp. Railway Station.) Phone 32-658. SHIPPING AND CUSTOMS AGENTS.

WEDDINGS

PHOTOGRAPHIC PHOTOGRAPHS PHOTOGRAPHS. The "Valerie" studio, Victoria street, invite you to join the Whitford Group. Appointments can be made for Weddings to suit your convenience. Ring VALERIE STUDIOS. Now 40-669.

PUBLIC NOTICES

"THE WHEEL OF LIFE." PUBLIC LECTURE by MR T. D. LENNIE, MONDAY NEXT, June 24th, at 8 p.m., HERBALIST'S HALL, Riccarton. Silver Collection. Auspices: N.Z. Vegetarian Society.

PAPARUA COUNTY COUNCIL. MOTOR DRIVERS' LICENCES. THIS OFFICE will remain open on WEDNESDAY, June 26, 1946, 6.30 p.m. to 8.30 p.m. SATURDAY, June 29, 1946, 9 a.m. to 11 a.m.

PERSONAL APPLICATION ESSENTIAL. J. FREEMAN, County Clerk.

PAPARUA COUNTY COUNCIL. NOTICE is hereby given, pursuant to the Rating Act, 1925, and Amendments thereto, that it is the intention of the Paparua County Council to make a rate to be paid on the Council Chambers upon all rateable property in the Paparua County. A. J. FREEMAN, County Clerk.

EYRE COUNTY COUNCIL.

ELECTION OF COUNCILLOR. ROTHERHAM RIDING. Pursuant to Section 16 of the Local Elections and Polls Act, 1925, I hereby give public notice that the undermentioned nominations have been received. G. H. TAYLOR, Returning Officer.

EYRE COUNTY COUNCIL. NOTICE OF INTENTION TO STRIKE RATES.

PUBLIC NOTICE is hereby given that it is the intention of the Eyre County Council at its meeting which will be held on Monday, July 8th, 1946, to strike the following rates on the rateable value of all rateable property in the County of Eyre: A General Rate of 2d in the pound; A Hospital Rate; A Special Rate in the Kaikapoi Drainage District; A Sanitation Charge. JAN TRELEAVEN, Engineer-Clerk.

O.K. BUYS 85lb OF O.K. SOAP POWDER. A WONDERFUL OFFER. O.K. Soap Powder, made to Government formula, containing 5% of the Concentrate. Now Free Delivery within the city limits. O.K. PACKING CO., LTD., P.O. Box 482, 122 Bamford street.

THE GRAND HOTEL. THE GRAND HOTEL. The popular place for clean-cut service in the city. Always ample stocks of famous NATURAL ALE, NATURAL XXXX STOUT, Make your rendezvous the handy licensed premises. A. J. CADE, Proprietor. Telephone 30-971.

THE CANTERBURY WESTLAND REGISTERED POULTRY KEEPERS' ASSOCIATION (INC.).

Members are reminded of the Annual Meeting of the Association which is to be held in the Chamber of Commerce Council Room, Hereford street, on WEDNESDAY, 26th JUNE, at 2.30 p.m. C. BASHFORD, Secretary.

CHRISTCHURCH R.S.A.

AN EXTRAORDINARY GENERAL MEETING of members will be held on WEDNESDAY, June 26th, 1946, in the Clubrooms, at 7.30 p.m. To consider the adoption of the New Constitution. J. H. YOUNG, Secretary.

CIVIC WELCOME TO RETURNED SERVICEMEN AND WOMEN.

A CIVIC WELCOME will be tendered to the Servicemen and Women of the Sumner and Redcliffs District in the Sumner Municipal Chambers on Tuesday, 2nd July, at 8 p.m. R. B. FEARY, Town Clerk. June 4th, 1946.
